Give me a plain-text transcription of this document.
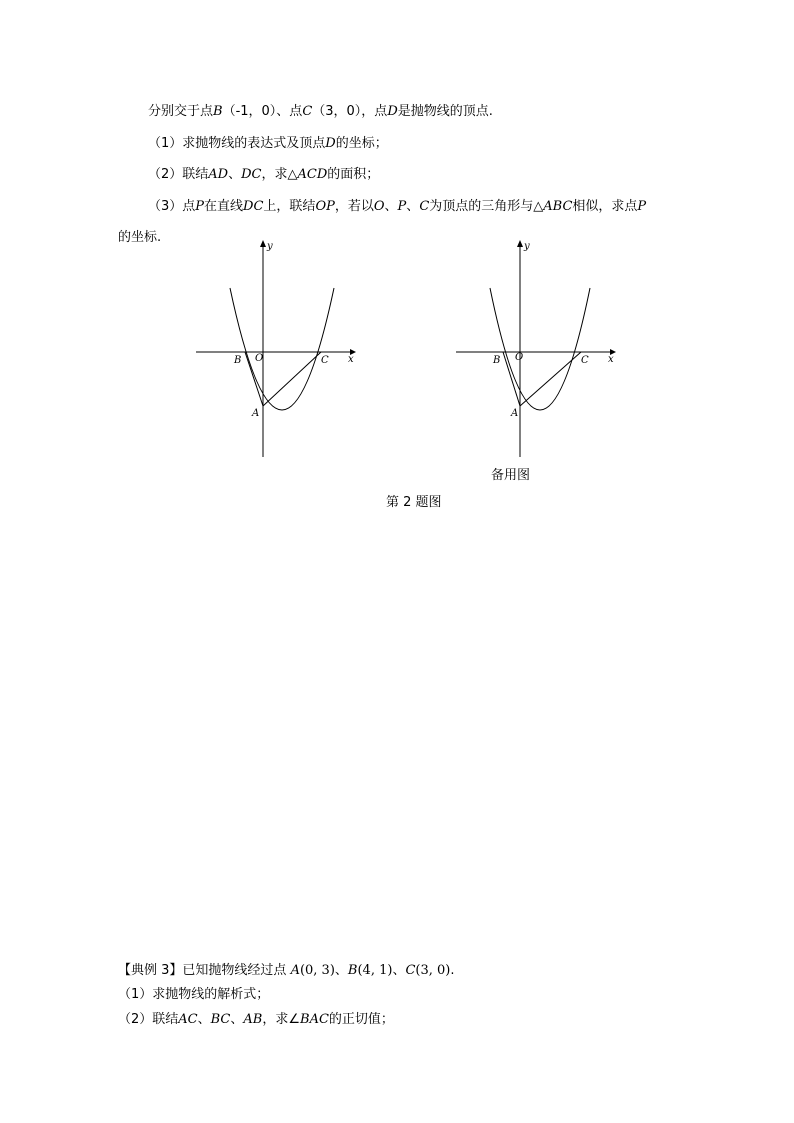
分别交于点B（-1，0）、点C（3，0），点D是抛物线的顶点.
（1）求抛物线的表达式及顶点D的坐标；
（2）联结AD、DC，求△ACD的面积；
（3）点P在直线DC上，联结OP，若以O、P、C为顶点的三角形与△ABC相似，求点P
的坐标.
y
x
O
B	C
A
y
x
O
B	C
A
备用图
第 2 题图
【典例 3】已知抛物线经过点 A(0, 3)、B(4, 1)、C(3, 0).
（1）求抛物线的解析式；
（2）联结AC、BC、AB，求∠BAC的正切值；
